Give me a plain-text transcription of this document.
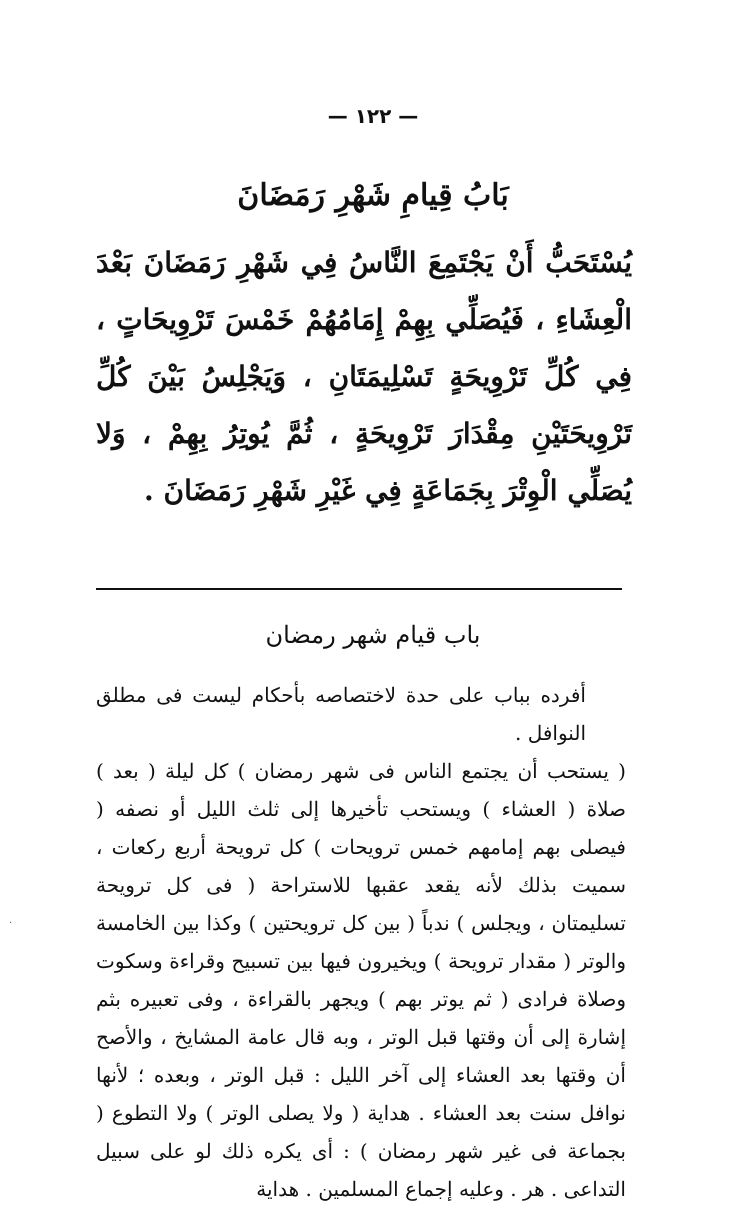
— ١٢٢ —
بَابُ قِيامِ شَهْرِ رَمَضَانَ

يُسْتَحَبُّ أَنْ يَجْتَمِعَ النَّاسُ فِي شَهْرِ رَمَضَانَ بَعْدَ الْعِشَاءِ ، فَيُصَلِّي بِهِمْ إِمَامُهُمْ خَمْسَ تَرْوِيحَاتٍ ، فِي كُلِّ تَرْوِيحَةٍ تَسْلِيمَتَانِ ، وَيَجْلِسُ بَيْنَ كُلِّ تَرْوِيحَتَيْنِ مِقْدَارَ تَرْوِيحَةٍ ، ثُمَّ يُوتِرُ بِهِمْ ، وَلا يُصَلِّي الْوِتْرَ بِجَمَاعَةٍ فِي غَيْرِ شَهْرِ رَمَضَانَ .

باب قيام شهر رمضان

أفرده بباب على حدة لاختصاصه بأحكام ليست فى مطلق النوافل .
( يستحب أن يجتمع الناس فى شهر رمضان ) كل ليلة ( بعد ) صلاة ( العشاء ) ويستحب تأخيرها إلى ثلث الليل أو نصفه ( فيصلى بهم إمامهم خمس ترويحات ) كل ترويحة أربع ركعات ، سميت بذلك لأنه يقعد عقبها للاستراحة ( فى كل ترويحة تسليمتان ، ويجلس ) ندباً ( بين كل ترويحتين ) وكذا بين الخامسة والوتر ( مقدار ترويحة ) ويخيرون فيها بين تسبيح وقراءة وسكوت وصلاة فرادى ( ثم يوتر بهم ) ويجهر بالقراءة ، وفى تعبيره بثم إشارة إلى أن وقتها قبل الوتر ، وبه قال عامة المشايخ ، والأصح أن وقتها بعد العشاء إلى آخر الليل : قبل الوتر ، وبعده ؛ لأنها نوافل سنت بعد العشاء . هداية ( ولا يصلى الوتر ) ولا التطوع ( بجماعة فى غير شهر رمضان ) : أى يكره ذلك لو على سبيل التداعى . هر . وعليه إجماع المسلمين . هداية

·
